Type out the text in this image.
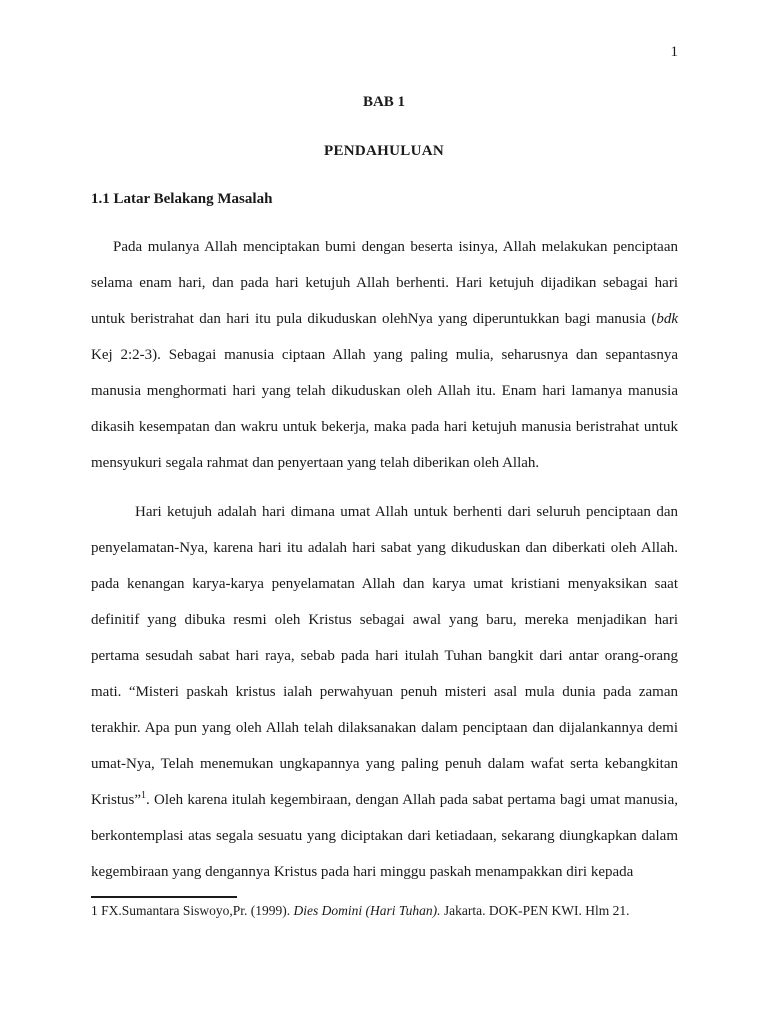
1
BAB 1
PENDAHULUAN
1.1 Latar Belakang Masalah

Pada mulanya Allah menciptakan bumi dengan beserta isinya, Allah melakukan penciptaan selama enam hari, dan pada hari ketujuh Allah berhenti. Hari ketujuh dijadikan sebagai hari untuk beristrahat dan hari itu pula dikuduskan olehNya yang diperuntukkan bagi manusia (bdk Kej 2:2-3). Sebagai manusia ciptaan Allah yang paling mulia, seharusnya dan sepantasnya manusia menghormati hari yang telah dikuduskan oleh Allah itu. Enam hari lamanya manusia dikasih kesempatan dan wakru untuk bekerja, maka pada hari ketujuh manusia beristrahat untuk mensyukuri segala rahmat dan penyertaan yang telah diberikan oleh Allah.

Hari ketujuh adalah hari dimana umat Allah untuk berhenti dari seluruh penciptaan dan penyelamatan-Nya, karena hari itu adalah hari sabat yang dikuduskan dan diberkati oleh Allah. pada kenangan karya-karya penyelamatan Allah dan karya umat kristiani menyaksikan saat definitif yang dibuka resmi oleh Kristus sebagai awal yang baru, mereka menjadikan hari pertama sesudah sabat hari raya, sebab pada hari itulah Tuhan bangkit dari antar orang-orang mati. “Misteri paskah kristus ialah perwahyuan penuh misteri asal mula dunia pada zaman terakhir. Apa pun yang oleh Allah telah dilaksanakan dalam penciptaan dan dijalankannya demi umat-Nya, Telah menemukan ungkapannya yang paling penuh dalam wafat serta kebangkitan Kristus”$^1$. Oleh karena itulah kegembiraan, dengan Allah pada sabat pertama bagi umat manusia, berkontemplasi atas segala sesuatu yang diciptakan dari ketiadaan, sekarang diungkapkan dalam kegembiraan yang dengannya Kristus pada hari minggu paskah menampakkan diri kepada

1 FX.Sumantara Siswoyo,Pr. (1999). Dies Domini (Hari Tuhan). Jakarta. DOK-PEN KWI. Hlm 21.
